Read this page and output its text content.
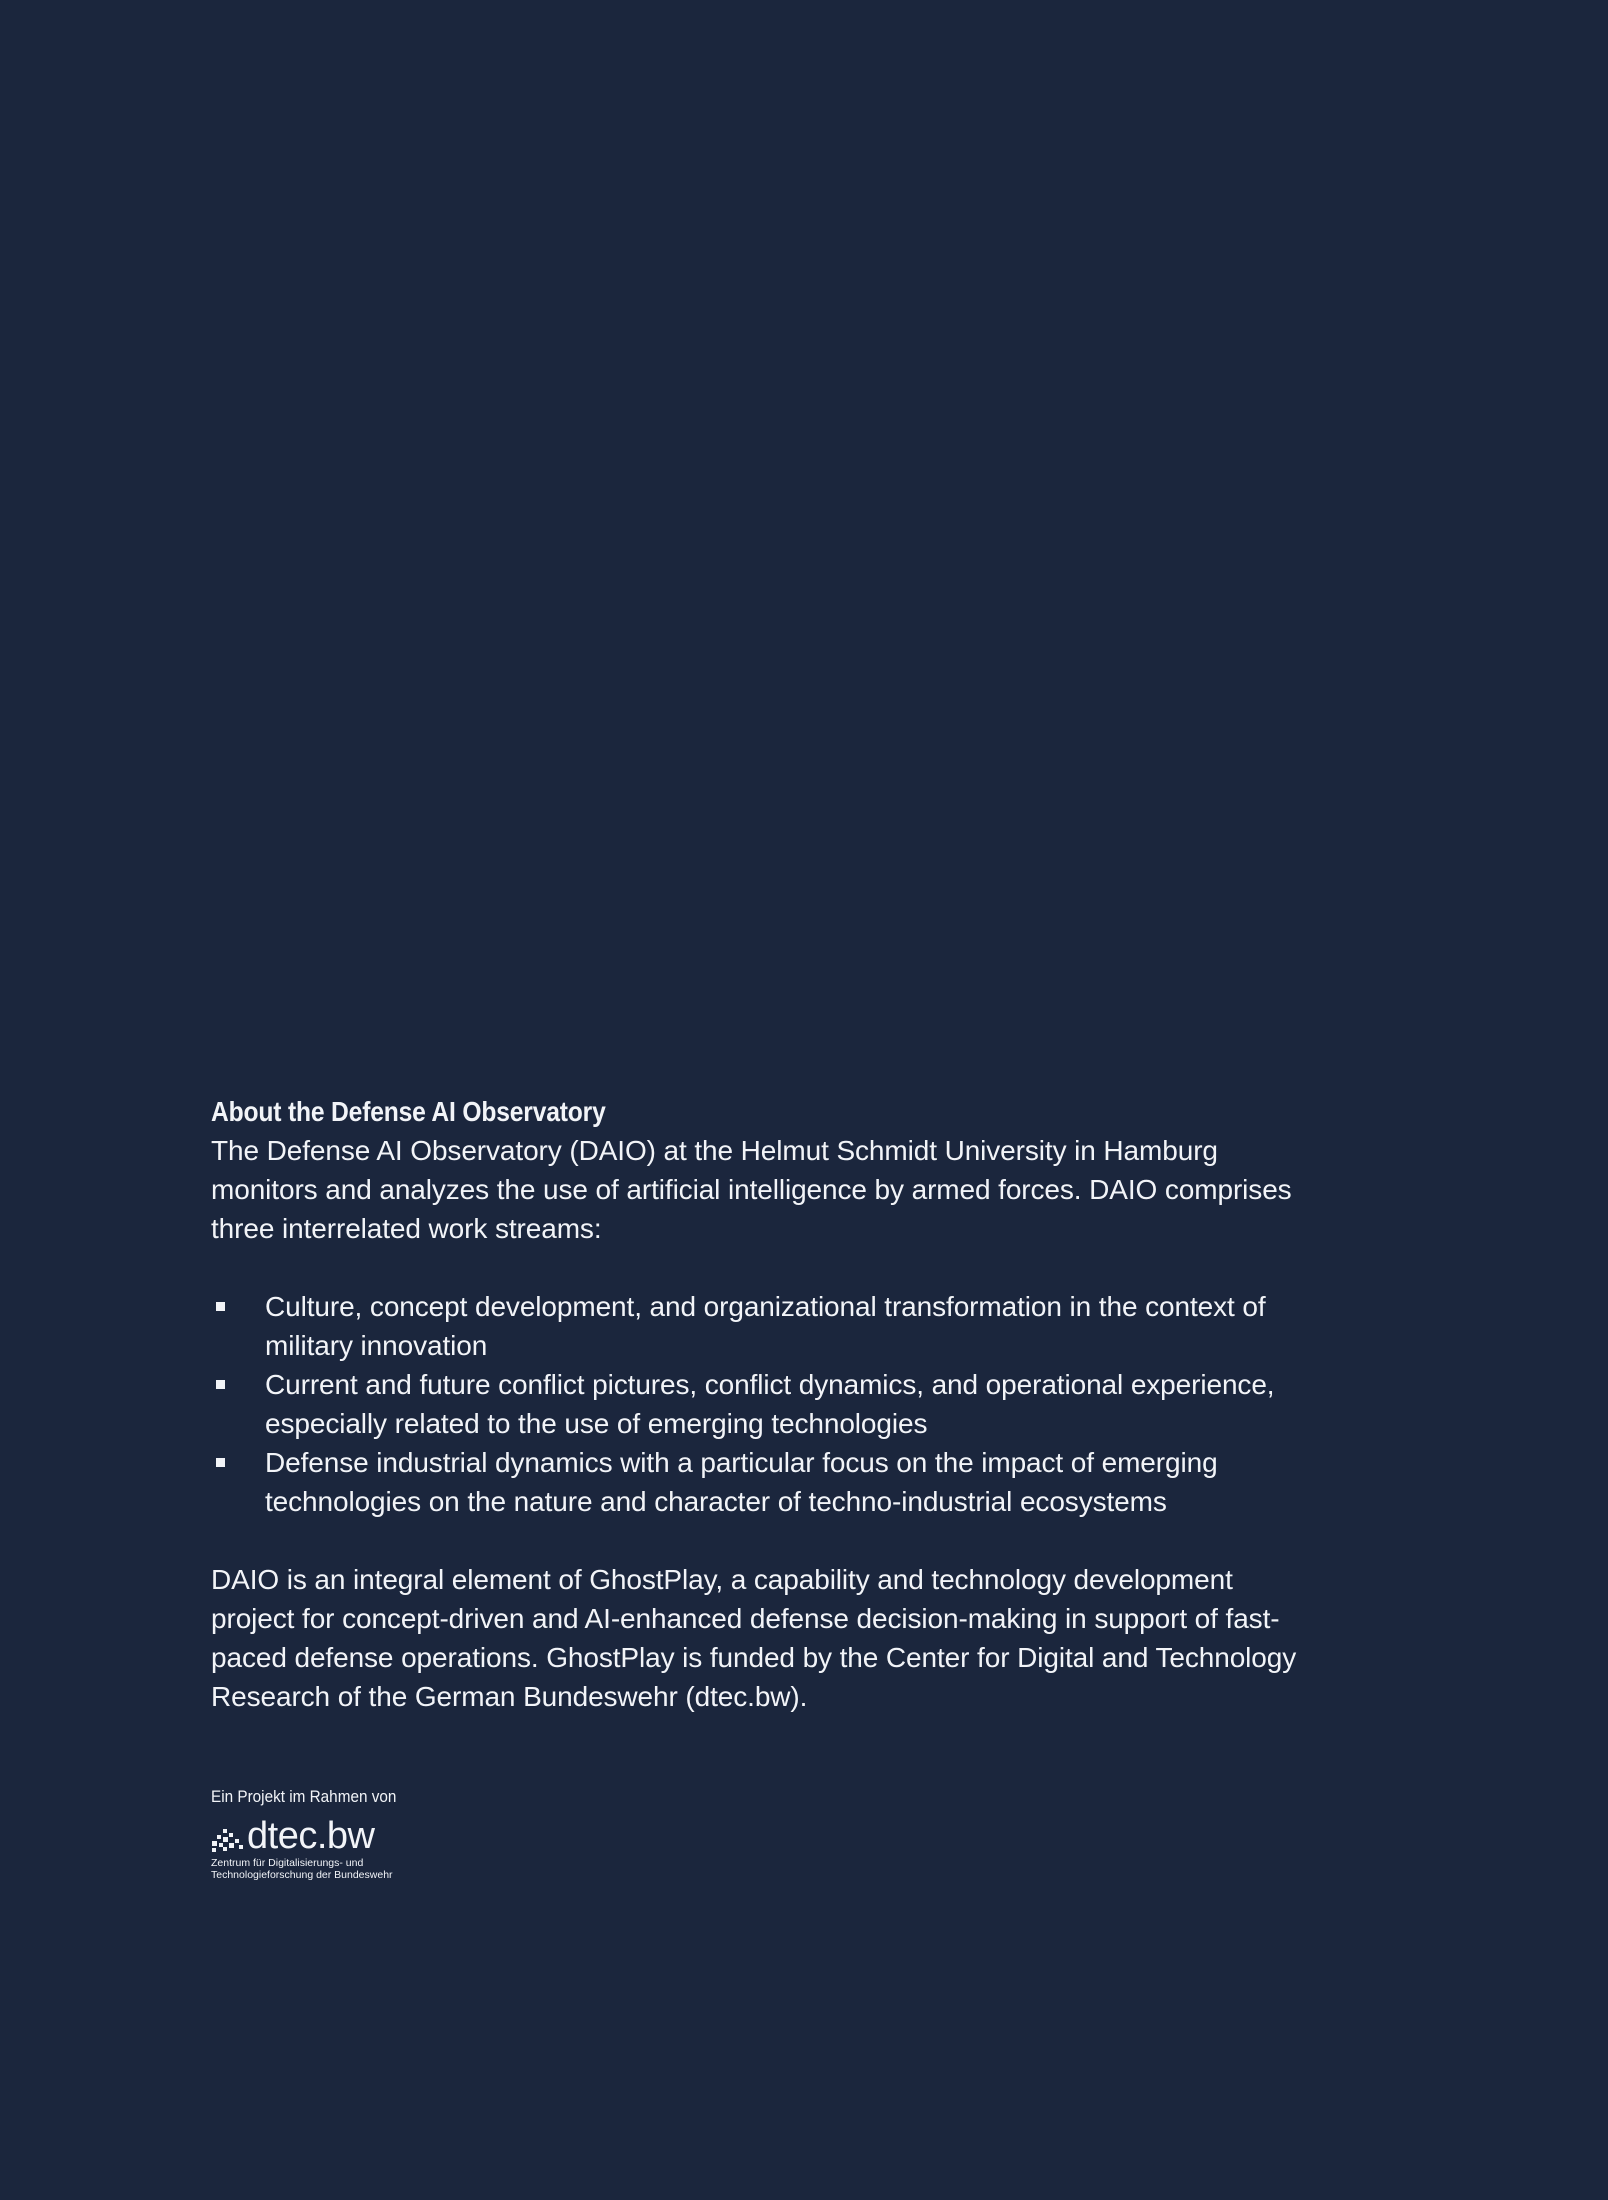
About the Defense AI Observatory

The Defense AI Observatory (DAIO) at the Helmut Schmidt University in Hamburg monitors and analyzes the use of artificial intelligence by armed forces. DAIO comprises three interrelated work streams:

Culture, concept development, and organizational transformation in the context of military innovation
Current and future conflict pictures, conflict dynamics, and operational experience, especially related to the use of emerging technologies
Defense industrial dynamics with a particular focus on the impact of emerging technologies on the nature and character of techno-industrial ecosystems

DAIO is an integral element of GhostPlay, a capability and technology development project for concept-driven and AI-enhanced defense decision-making in support of fast-paced defense operations. GhostPlay is funded by the Center for Digital and Technology Research of the German Bundeswehr (dtec.bw).

Ein Projekt im Rahmen von
dtec.bw
Zentrum für Digitalisierungs- und
Technologieforschung der Bundeswehr
